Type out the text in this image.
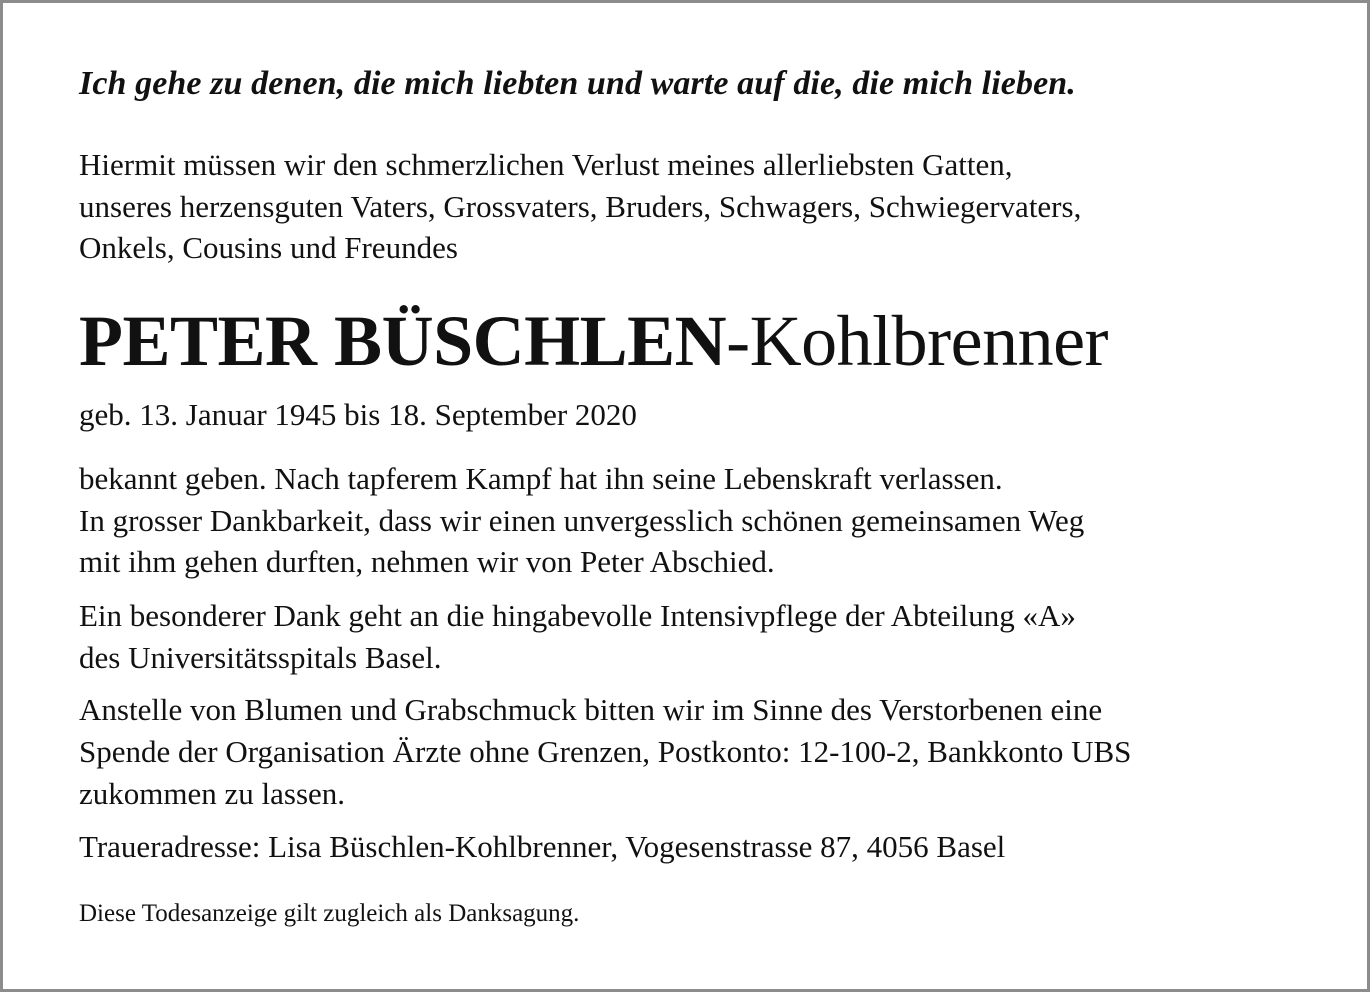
Ich gehe zu denen, die mich liebten und warte auf die, die mich lieben.

Hiermit müssen wir den schmerzlichen Verlust meines allerliebsten Gatten,

unseres herzensguten Vaters, Grossvaters, Bruders, Schwagers, Schwiegervaters,

Onkels, Cousins und Freundes

PETER BÜSCHLEN-Kohlbrenner

geb. 13. Januar 1945 bis 18. September 2020

bekannt geben. Nach tapferem Kampf hat ihn seine Lebenskraft verlassen.

In grosser Dankbarkeit, dass wir einen unvergesslich schönen gemeinsamen Weg

mit ihm gehen durften, nehmen wir von Peter Abschied.

Ein besonderer Dank geht an die hingabevolle Intensivpflege der Abteilung «A»

des Universitätsspitals Basel.

Anstelle von Blumen und Grabschmuck bitten wir im Sinne des Verstorbenen eine

Spende der Organisation Ärzte ohne Grenzen, Postkonto: 12-100-2, Bankkonto UBS

zukommen zu lassen.

Traueradresse: Lisa Büschlen-Kohlbrenner, Vogesenstrasse 87, 4056 Basel

Diese Todesanzeige gilt zugleich als Danksagung.
